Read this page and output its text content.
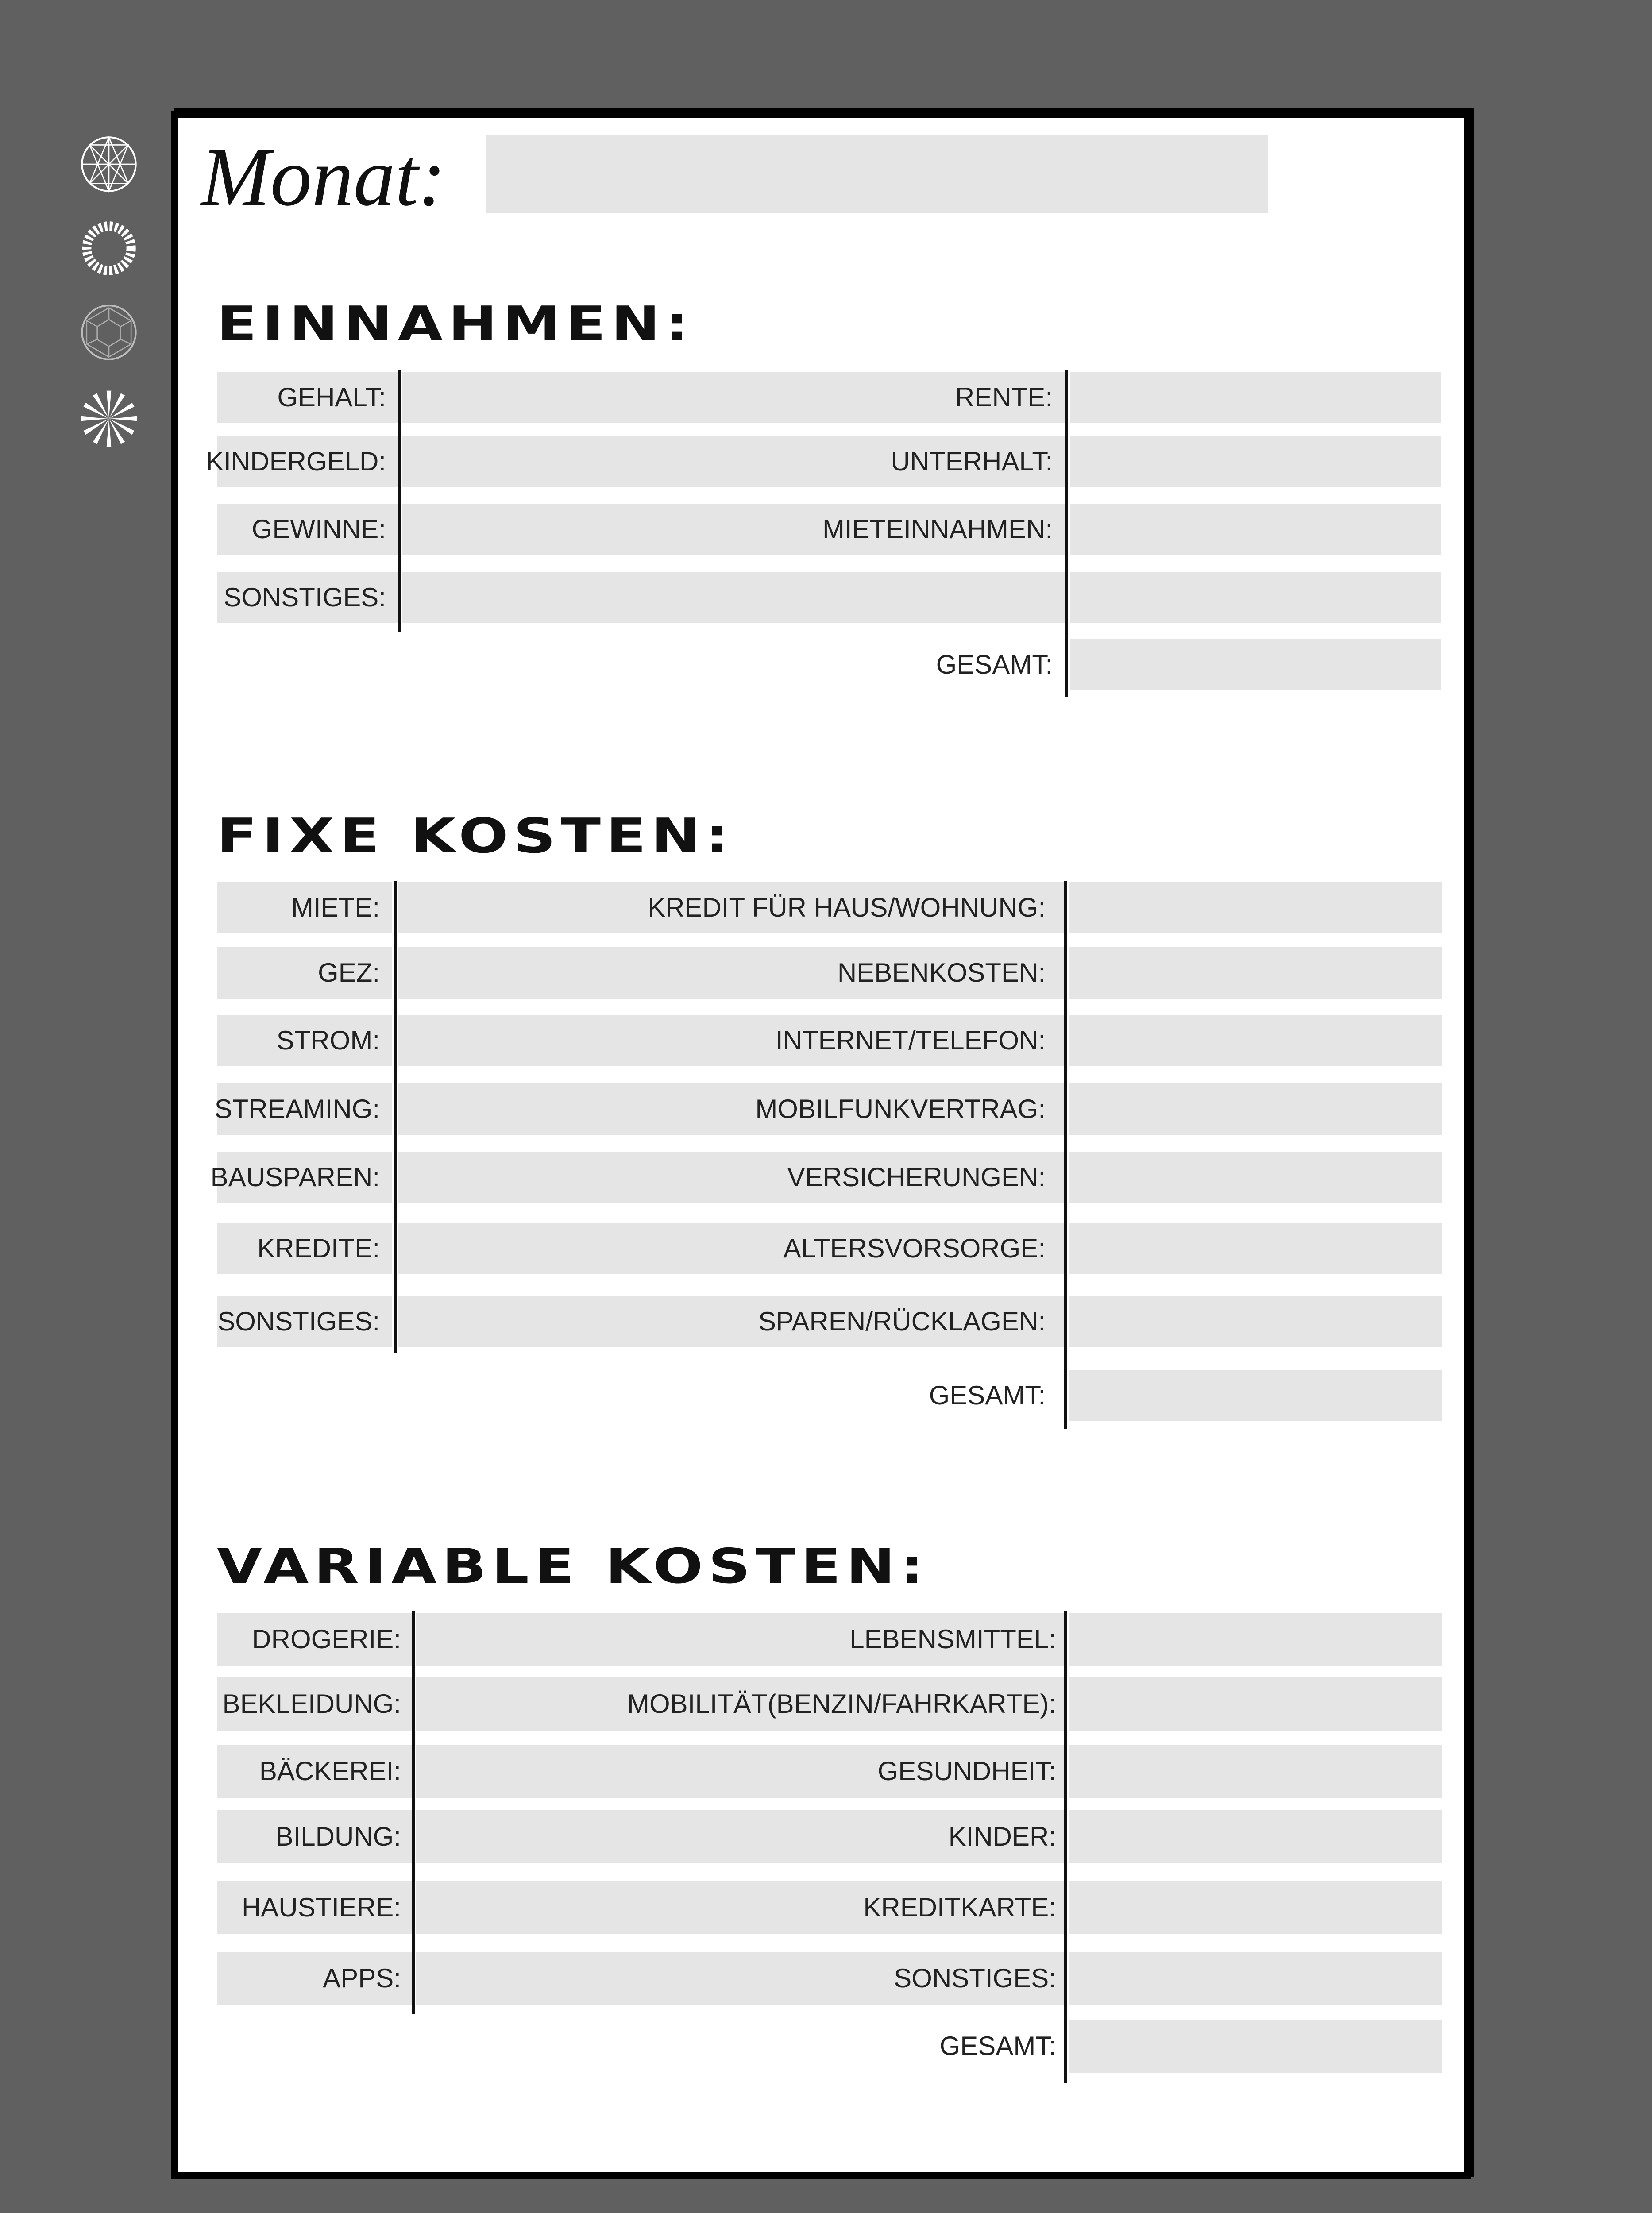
Monat:
EINNAHMEN:
FIXE KOSTEN:
VARIABLE KOSTEN:
GEHALT:	RENTE:
KINDERGELD:	UNTERHALT:
GEWINNE:	MIETEINNAHMEN:
SONSTIGES:
GESAMT:
MIETE:	KREDIT FÜR HAUS/WOHNUNG:
GEZ:	NEBENKOSTEN:
STROM:	INTERNET/TELEFON:
STREAMING:	MOBILFUNKVERTRAG:
BAUSPAREN:	VERSICHERUNGEN:
KREDITE:	ALTERSVORSORGE:
SONSTIGES:	SPAREN/RÜCKLAGEN:
GESAMT:
DROGERIE:	LEBENSMITTEL:
BEKLEIDUNG:	MOBILITÄT(BENZIN/FAHRKARTE):
BÄCKEREI:	GESUNDHEIT:
BILDUNG:	KINDER:
HAUSTIERE:	KREDITKARTE:
APPS:	SONSTIGES:
GESAMT:
